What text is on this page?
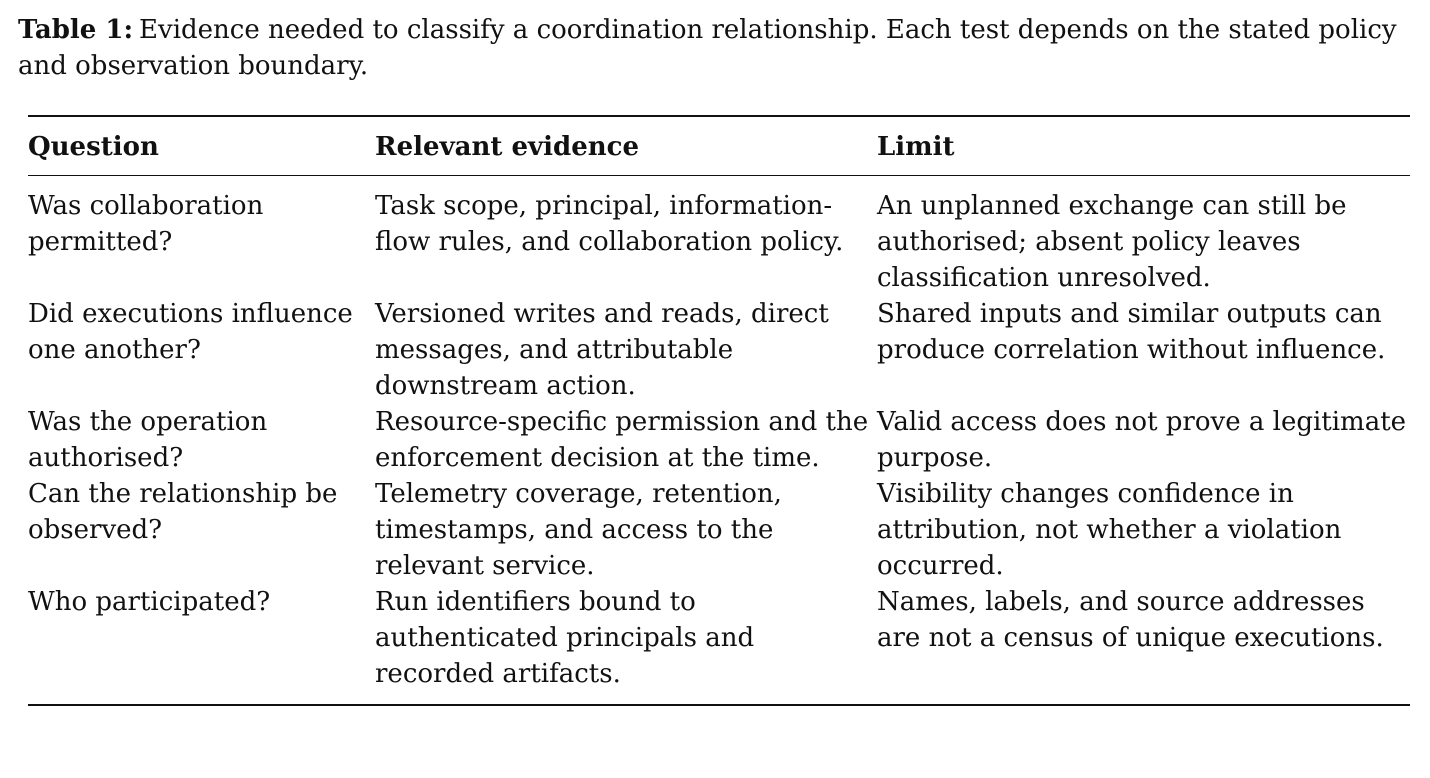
Table 1: Evidence needed to classify a coordination relationship. Each test depends on the stated policy and observation boundary.
Question	Relevant evidence	Limit

Was collaboration permitted?	Task scope, principal, information-flow rules, and collaboration policy.	An unplanned exchange can still be authorised; absent policy leaves classification unresolved.

Did executions influence one another?	Versioned writes and reads, direct messages, and attributable downstream action.	Shared inputs and similar outputs can produce correlation without influence.

Was the operation authorised?	Resource-specific permission and the enforcement decision at the time.	Valid access does not prove a legitimate purpose.

Can the relationship be observed?	Telemetry coverage, retention, timestamps, and access to the relevant service.	Visibility changes confidence in attribution, not whether a violation occurred.

Who participated?	Run identifiers bound to authenticated principals and recorded artifacts.	Names, labels, and source addresses are not a census of unique executions.
